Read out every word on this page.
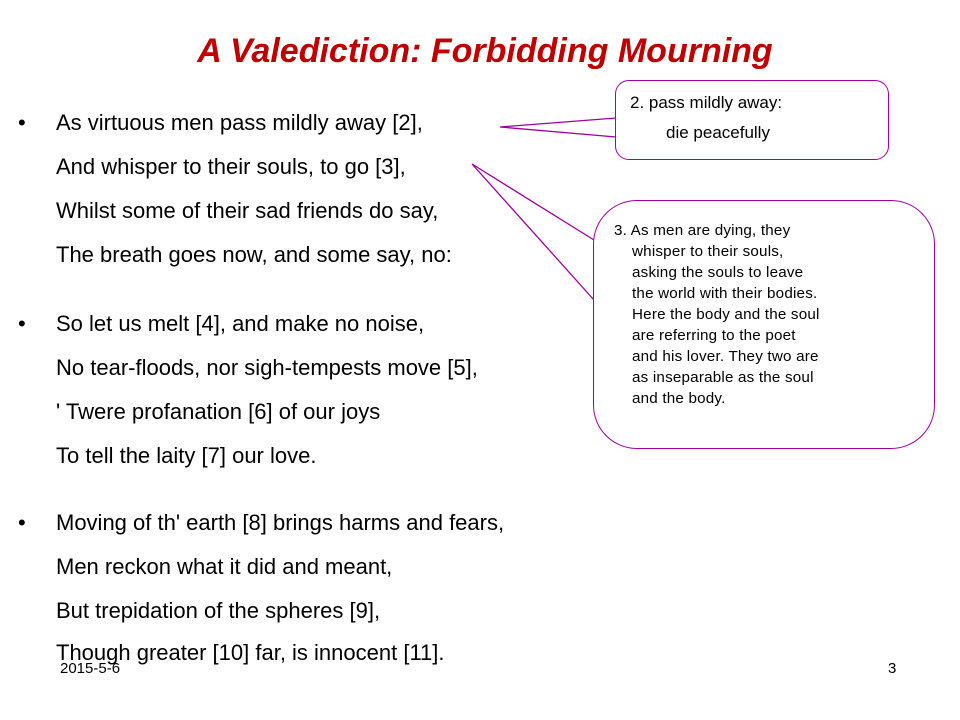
A Valediction: Forbidding Mourning
• As virtuous men pass mildly away [2],
And whisper to their souls, to go [3],
Whilst some of their sad friends do say,
The breath goes now, and some say, no:
• So let us melt [4], and make no noise,
No tear-floods, nor sigh-tempests move [5],
' Twere profanation [6] of our joys
To tell the laity [7] our love.
• Moving of th' earth [8] brings harms and fears,
Men reckon what it did and meant,
But trepidation of the spheres [9],
Though greater [10] far, is innocent [11].
2. pass mildly away:
die peacefully
3. As men are dying, they
whisper to their souls,
asking the souls to leave
the world with their bodies.
Here the body and the soul
are referring to the poet
and his lover. They two are
as inseparable as the soul
and the body.
2015-5-6	3
